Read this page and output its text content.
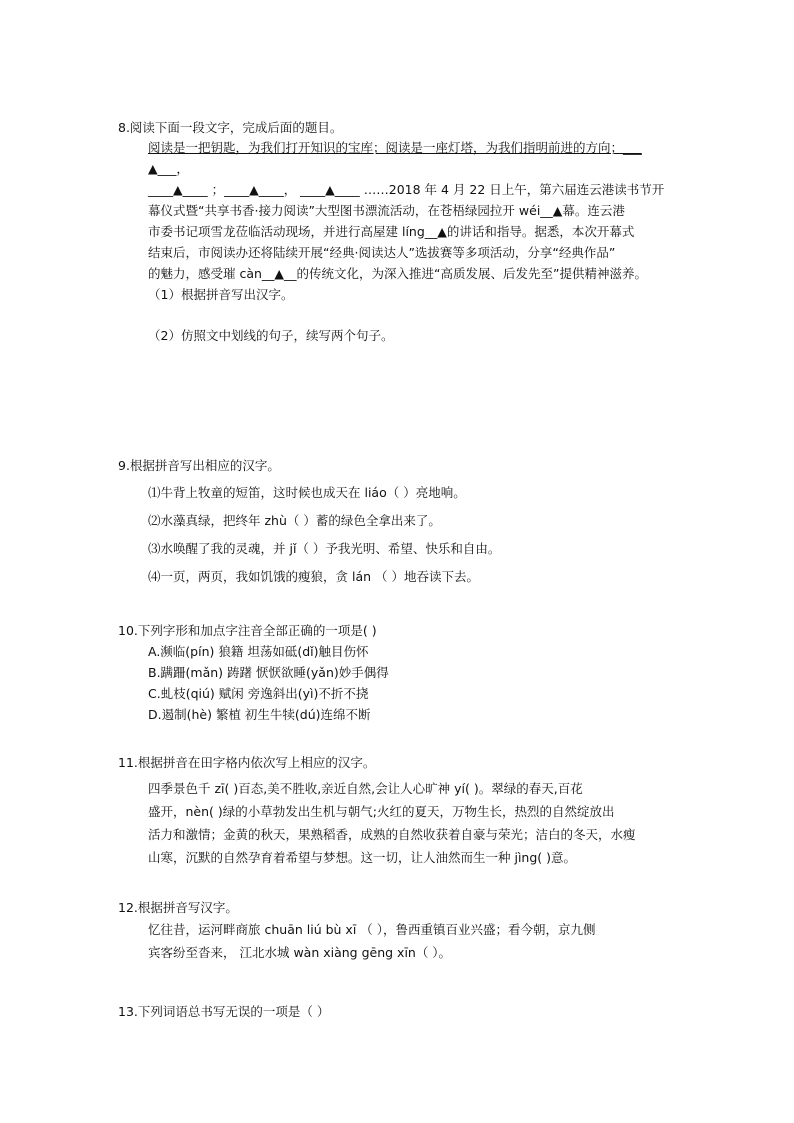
8.阅读下面一段文字，完成后面的题目。
阅读是一把钥匙，为我们打开知识的宝库；阅读是一座灯塔，为我们指明前进的方向；___
▲___，
____▲____ ；____▲____， ____▲____ ……2018 年 4 月 22 日上午，第六届连云港读书节开
幕仪式暨“共享书香·接力阅读”大型图书漂流活动，在苍梧绿园拉开 wéi__▲幕。连云港
市委书记项雪龙莅临活动现场，并进行高屋建 líng__▲的讲话和指导。据悉，本次开幕式
结束后，市阅读办还将陆续开展“经典·阅读达人”选拔赛等多项活动，分享“经典作品”
的魅力，感受璀 càn__▲__的传统文化，为深入推进“高质发展、后发先至”提供精神滋养。
（1）根据拼音写出汉字。
（2）仿照文中划线的句子，续写两个句子。
9.根据拼音写出相应的汉字。
⑴牛背上牧童的短笛，这时候也成天在 liáo（ ）亮地响。
⑵水藻真绿，把终年 zhù（ ）蓄的绿色全拿出来了。
⑶水唤醒了我的灵魂，并 jǐ（ ）予我光明、希望、快乐和自由。
⑷一页，两页，我如饥饿的瘦狼，贪 lán （ ）地吞读下去。
10.下列字形和加点字注音全部正确的一项是( )
A.濒临(pín) 狼籍 坦荡如砥(dǐ)触目伤怀
B.蹒跚(mǎn) 踌躇 恹恹欲睡(yǎn)妙手偶得
C.虬枝(qiú) 赋闲 旁逸斜出(yì)不折不挠
D.遏制(hè) 繁植 初生牛犊(dú)连绵不断
11.根据拼音在田字格内依次写上相应的汉字。
四季景色千 zī( )百态,美不胜收,亲近自然,会让人心旷神 yí( )。翠绿的春天,百花
盛开，nèn( )绿的小草勃发出生机与朝气;火红的夏天，万物生长，热烈的自然绽放出
活力和激情；金黄的秋天，果熟稻香，成熟的自然收获着自豪与荣光；洁白的冬天，水瘦
山寒，沉默的自然孕育着希望与梦想。这一切，让人油然而生一种 jìng( )意。
12.根据拼音写汉字。
忆往昔，运河畔商旅 chuān liú bù xī （ ），鲁西重镇百业兴盛；看今朝，京九侧
宾客纷至沓来， 江北水城 wàn xiàng gēng xīn（ ）。
13.下列词语总书写无误的一项是（ ）
